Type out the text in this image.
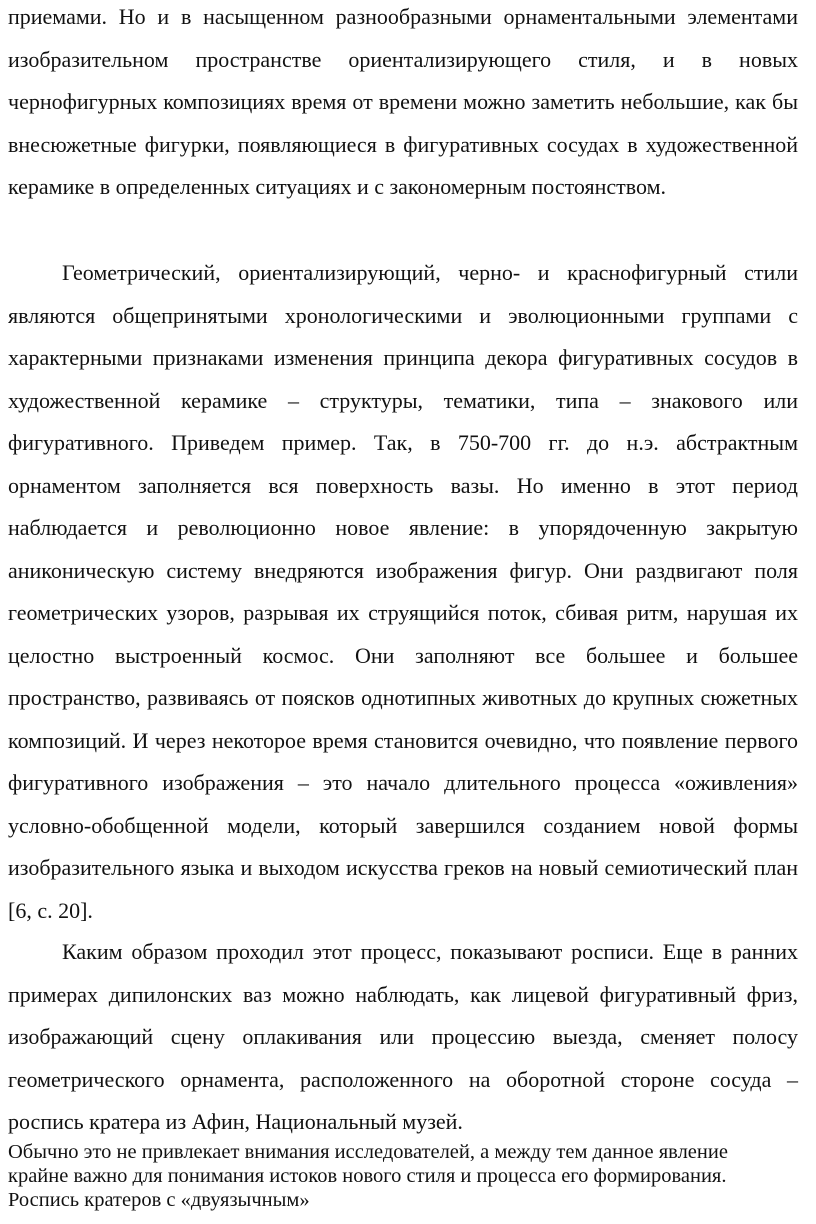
приемами. Но и в насыщенном разнообразными орнаментальными элементами изобразительном пространстве ориентализирующего стиля, и в новых чернофигурных композициях время от времени можно заметить небольшие, как бы внесюжетные фигурки, появляющиеся в фигуративных сосудах в художественной керамике в определенных ситуациях и с закономерным постоянством.

Геометрический, ориентализирующий, черно- и краснофигурный стили являются общепринятыми хронологическими и эволюционными группами с характерными признаками изменения принципа декора фигуративных сосудов в художественной керамике – структуры, тематики, типа – знакового или фигуративного. Приведем пример. Так, в 750-700 гг. до н.э. абстрактным орнаментом заполняется вся поверхность вазы. Но именно в этот период наблюдается и революционно новое явление: в упорядоченную закрытую аниконическую систему внедряются изображения фигур. Они раздвигают поля геометрических узоров, разрывая их струящийся поток, сбивая ритм, нарушая их целостно выстроенный космос. Они заполняют все большее и большее пространство, развиваясь от поясков однотипных животных до крупных сюжетных композиций. И через некоторое время становится очевидно, что появление первого фигуративного изображения – это начало длительного процесса «оживления» условно-обобщенной модели, который завершился созданием новой формы изобразительного языка и выходом искусства греков на новый семиотический план [6, с. 20].

Каким образом проходил этот процесс, показывают росписи. Еще в ранних примерах дипилонских ваз можно наблюдать, как лицевой фигуративный фриз, изображающий сцену оплакивания или процессию выезда, сменяет полосу геометрического орнамента, расположенного на оборотной стороне сосуда – роспись кратера из Афин, Национальный музей.

Обычно это не привлекает внимания исследователей, а между тем данное явление крайне важно для понимания истоков нового стиля и процесса его формирования. Роспись кратеров с «двуязычным»
